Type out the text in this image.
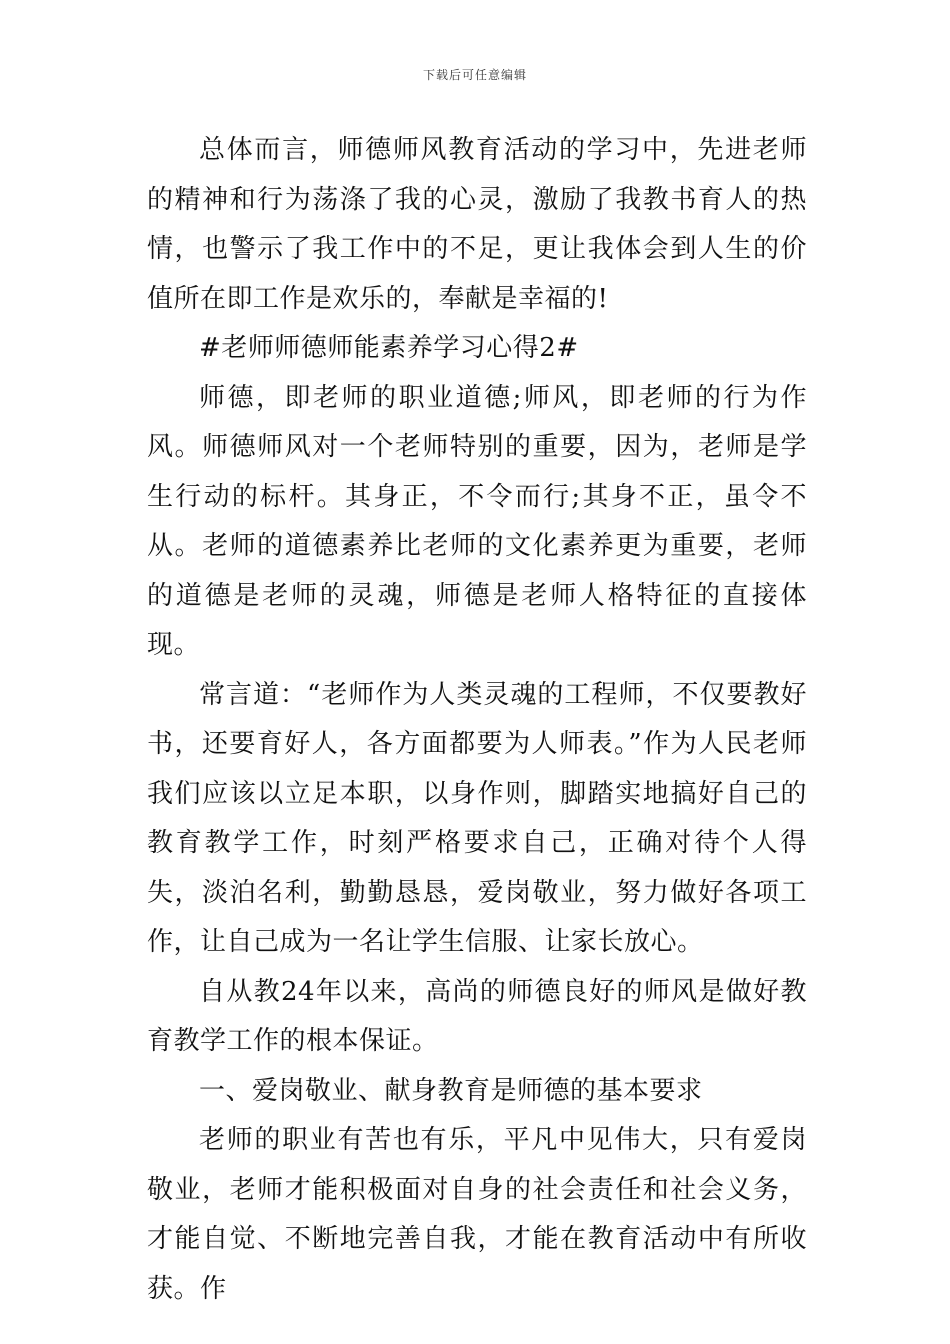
下载后可任意编辑

总体而言，师德师风教育活动的学习中，先进老师的精神和行为荡涤了我的心灵，激励了我教书育人的热情，也警示了我工作中的不足，更让我体会到人生的价值所在即工作是欢乐的，奉献是幸福的!

#老师师德师能素养学习心得2#

师德，即老师的职业道德;师风，即老师的行为作风。师德师风对一个老师特别的重要，因为，老师是学生行动的标杆。其身正，不令而行;其身不正，虽令不从。老师的道德素养比老师的文化素养更为重要，老师的道德是老师的灵魂，师德是老师人格特征的直接体现。

常言道：“老师作为人类灵魂的工程师，不仅要教好书，还要育好人，各方面都要为人师表。”作为人民老师我们应该以立足本职，以身作则，脚踏实地搞好自己的教育教学工作，时刻严格要求自己，正确对待个人得失，淡泊名利，勤勤恳恳，爱岗敬业，努力做好各项工作，让自己成为一名让学生信服、让家长放心。

自从教24年以来，高尚的师德良好的师风是做好教育教学工作的根本保证。

一、爱岗敬业、献身教育是师德的基本要求

老师的职业有苦也有乐，平凡中见伟大，只有爱岗敬业，老师才能积极面对自身的社会责任和社会义务，才能自觉、不断地完善自我，才能在教育活动中有所收获。作
